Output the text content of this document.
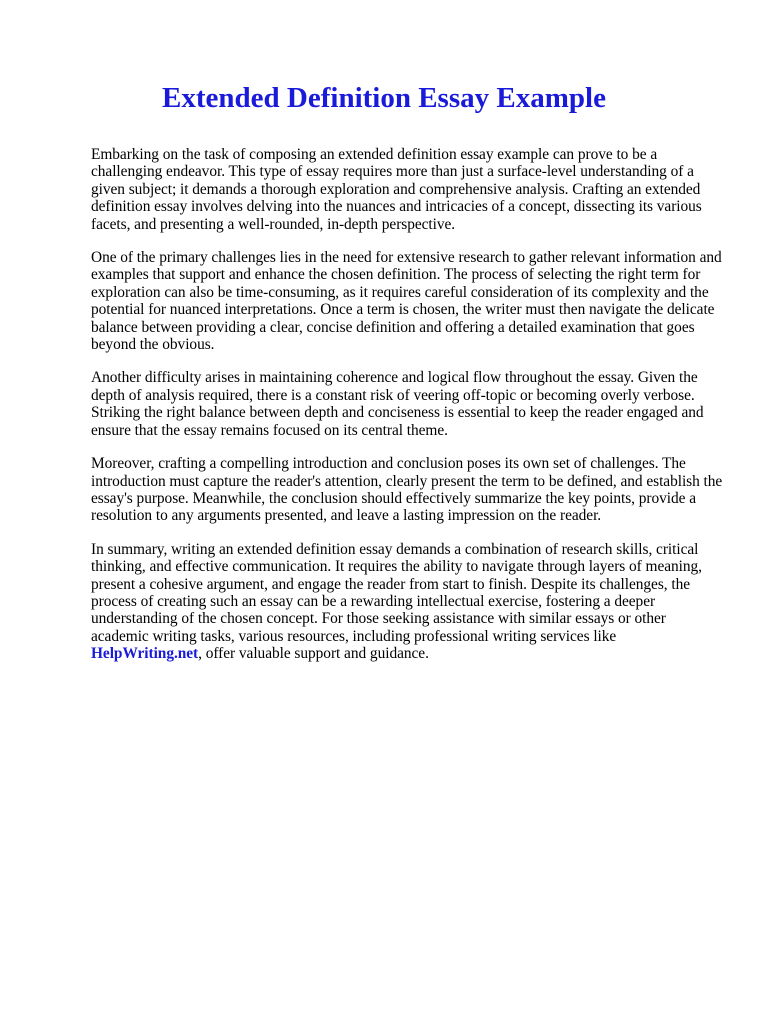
Extended Definition Essay Example

Embarking on the task of composing an extended definition essay example can prove to be a challenging endeavor. This type of essay requires more than just a surface-level understanding of a given subject; it demands a thorough exploration and comprehensive analysis. Crafting an extended definition essay involves delving into the nuances and intricacies of a concept, dissecting its various facets, and presenting a well-rounded, in-depth perspective.

One of the primary challenges lies in the need for extensive research to gather relevant information and examples that support and enhance the chosen definition. The process of selecting the right term for exploration can also be time-consuming, as it requires careful consideration of its complexity and the potential for nuanced interpretations. Once a term is chosen, the writer must then navigate the delicate balance between providing a clear, concise definition and offering a detailed examination that goes beyond the obvious.

Another difficulty arises in maintaining coherence and logical flow throughout the essay. Given the depth of analysis required, there is a constant risk of veering off-topic or becoming overly verbose. Striking the right balance between depth and conciseness is essential to keep the reader engaged and ensure that the essay remains focused on its central theme.

Moreover, crafting a compelling introduction and conclusion poses its own set of challenges. The introduction must capture the reader's attention, clearly present the term to be defined, and establish the essay's purpose. Meanwhile, the conclusion should effectively summarize the key points, provide a resolution to any arguments presented, and leave a lasting impression on the reader.

In summary, writing an extended definition essay demands a combination of research skills, critical thinking, and effective communication. It requires the ability to navigate through layers of meaning, present a cohesive argument, and engage the reader from start to finish. Despite its challenges, the process of creating such an essay can be a rewarding intellectual exercise, fostering a deeper understanding of the chosen concept. For those seeking assistance with similar essays or other academic writing tasks, various resources, including professional writing services like HelpWriting.net, offer valuable support and guidance.
